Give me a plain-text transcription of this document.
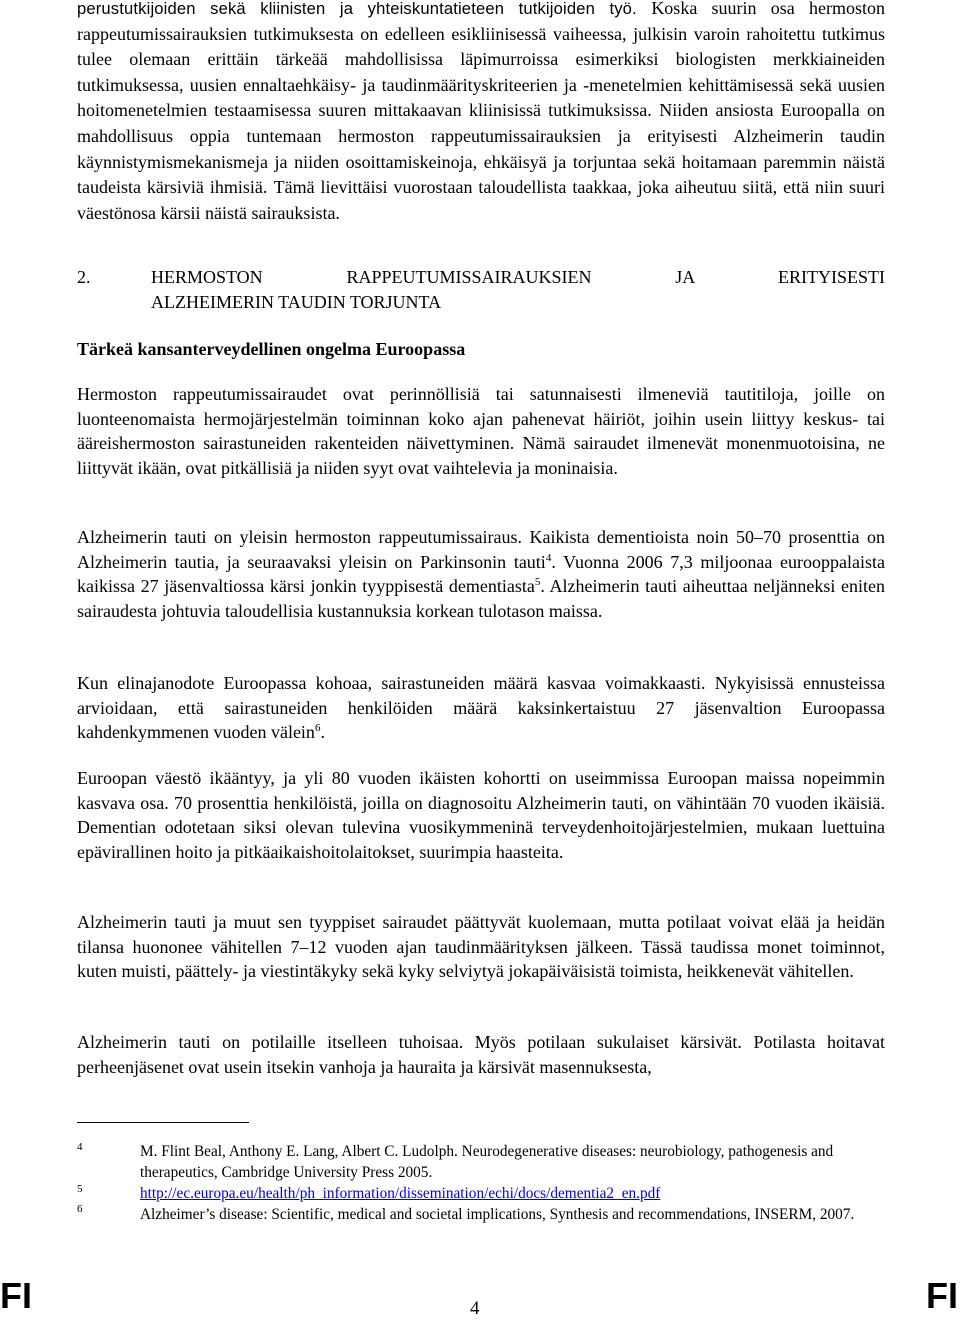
perustutkijoiden sekä kliinisten ja yhteiskuntatieteen tutkijoiden työ. Koska suurin osa hermoston rappeutumissairauksien tutkimuksesta on edelleen esikliinisessä vaiheessa, julkisin varoin rahoitettu tutkimus tulee olemaan erittäin tärkeää mahdollisissa läpimurroissa esimerkiksi biologisten merkkiaineiden tutkimuksessa, uusien ennaltaehkäisy- ja taudinmäärityskriteerien ja -menetelmien kehittämisessä sekä uusien hoitomenetelmien testaamisessa suuren mittakaavan kliinisissä tutkimuksissa. Niiden ansiosta Euroopalla on mahdollisuus oppia tuntemaan hermoston rappeutumissairauksien ja erityisesti Alzheimerin taudin käynnistymismekanismeja ja niiden osoittamiskeinoja, ehkäisyä ja torjuntaa sekä hoitamaan paremmin näistä taudeista kärsiviä ihmisiä. Tämä lievittäisi vuorostaan taloudellista taakkaa, joka aiheutuu siitä, että niin suuri väestönosa kärsii näistä sairauksista.

2.	HERMOSTON RAPPEUTUMISSAIRAUKSIEN JA ERITYISESTI
ALZHEIMERIN TAUDIN TORJUNTA

Tärkeä kansanterveydellinen ongelma Euroopassa

Hermoston rappeutumissairaudet ovat perinnöllisiä tai satunnaisesti ilmeneviä tautitiloja, joille on luonteenomaista hermojärjestelmän toiminnan koko ajan pahenevat häiriöt, joihin usein liittyy keskus- tai ääreishermoston sairastuneiden rakenteiden näivettyminen. Nämä sairaudet ilmenevät monenmuotoisina, ne liittyvät ikään, ovat pitkällisiä ja niiden syyt ovat vaihtelevia ja moninaisia.

Alzheimerin tauti on yleisin hermoston rappeutumissairaus. Kaikista dementioista noin 50–70 prosenttia on Alzheimerin tautia, ja seuraavaksi yleisin on Parkinsonin tauti$^4$. Vuonna 2006 7,3 miljoonaa eurooppalaista kaikissa 27 jäsenvaltiossa kärsi jonkin tyyppisestä dementiasta$^5$. Alzheimerin tauti aiheuttaa neljänneksi eniten sairaudesta johtuvia taloudellisia kustannuksia korkean tulotason maissa.

Kun elinajanodote Euroopassa kohoaa, sairastuneiden määrä kasvaa voimakkaasti. Nykyisissä ennusteissa arvioidaan, että sairastuneiden henkilöiden määrä kaksinkertaistuu 27 jäsenvaltion Euroopassa kahdenkymmenen vuoden välein$^6$.

Euroopan väestö ikääntyy, ja yli 80 vuoden ikäisten kohortti on useimmissa Euroopan maissa nopeimmin kasvava osa. 70 prosenttia henkilöistä, joilla on diagnosoitu Alzheimerin tauti, on vähintään 70 vuoden ikäisiä. Dementian odotetaan siksi olevan tulevina vuosikymmeninä terveydenhoitojärjestelmien, mukaan luettuina epävirallinen hoito ja pitkäaikaishoitolaitokset, suurimpia haasteita.

Alzheimerin tauti ja muut sen tyyppiset sairaudet päättyvät kuolemaan, mutta potilaat voivat elää ja heidän tilansa huononee vähitellen 7–12 vuoden ajan taudinmäärityksen jälkeen. Tässä taudissa monet toiminnot, kuten muisti, päättely- ja viestintäkyky sekä kyky selviytyä jokapäiväisistä toimista, heikkenevät vähitellen.

Alzheimerin tauti on potilaille itselleen tuhoisaa. Myös potilaan sukulaiset kärsivät. Potilasta hoitavat perheenjäsenet ovat usein itsekin vanhoja ja hauraita ja kärsivät masennuksesta,

4	M. Flint Beal, Anthony E. Lang, Albert C. Ludolph. Neurodegenerative diseases: neurobiology, pathogenesis and therapeutics, Cambridge University Press 2005.
5	http://ec.europa.eu/health/ph_information/dissemination/echi/docs/dementia2_en.pdf
6	Alzheimer’s disease: Scientific, medical and societal implications, Synthesis and recommendations, INSERM, 2007.
FI	4	FI
